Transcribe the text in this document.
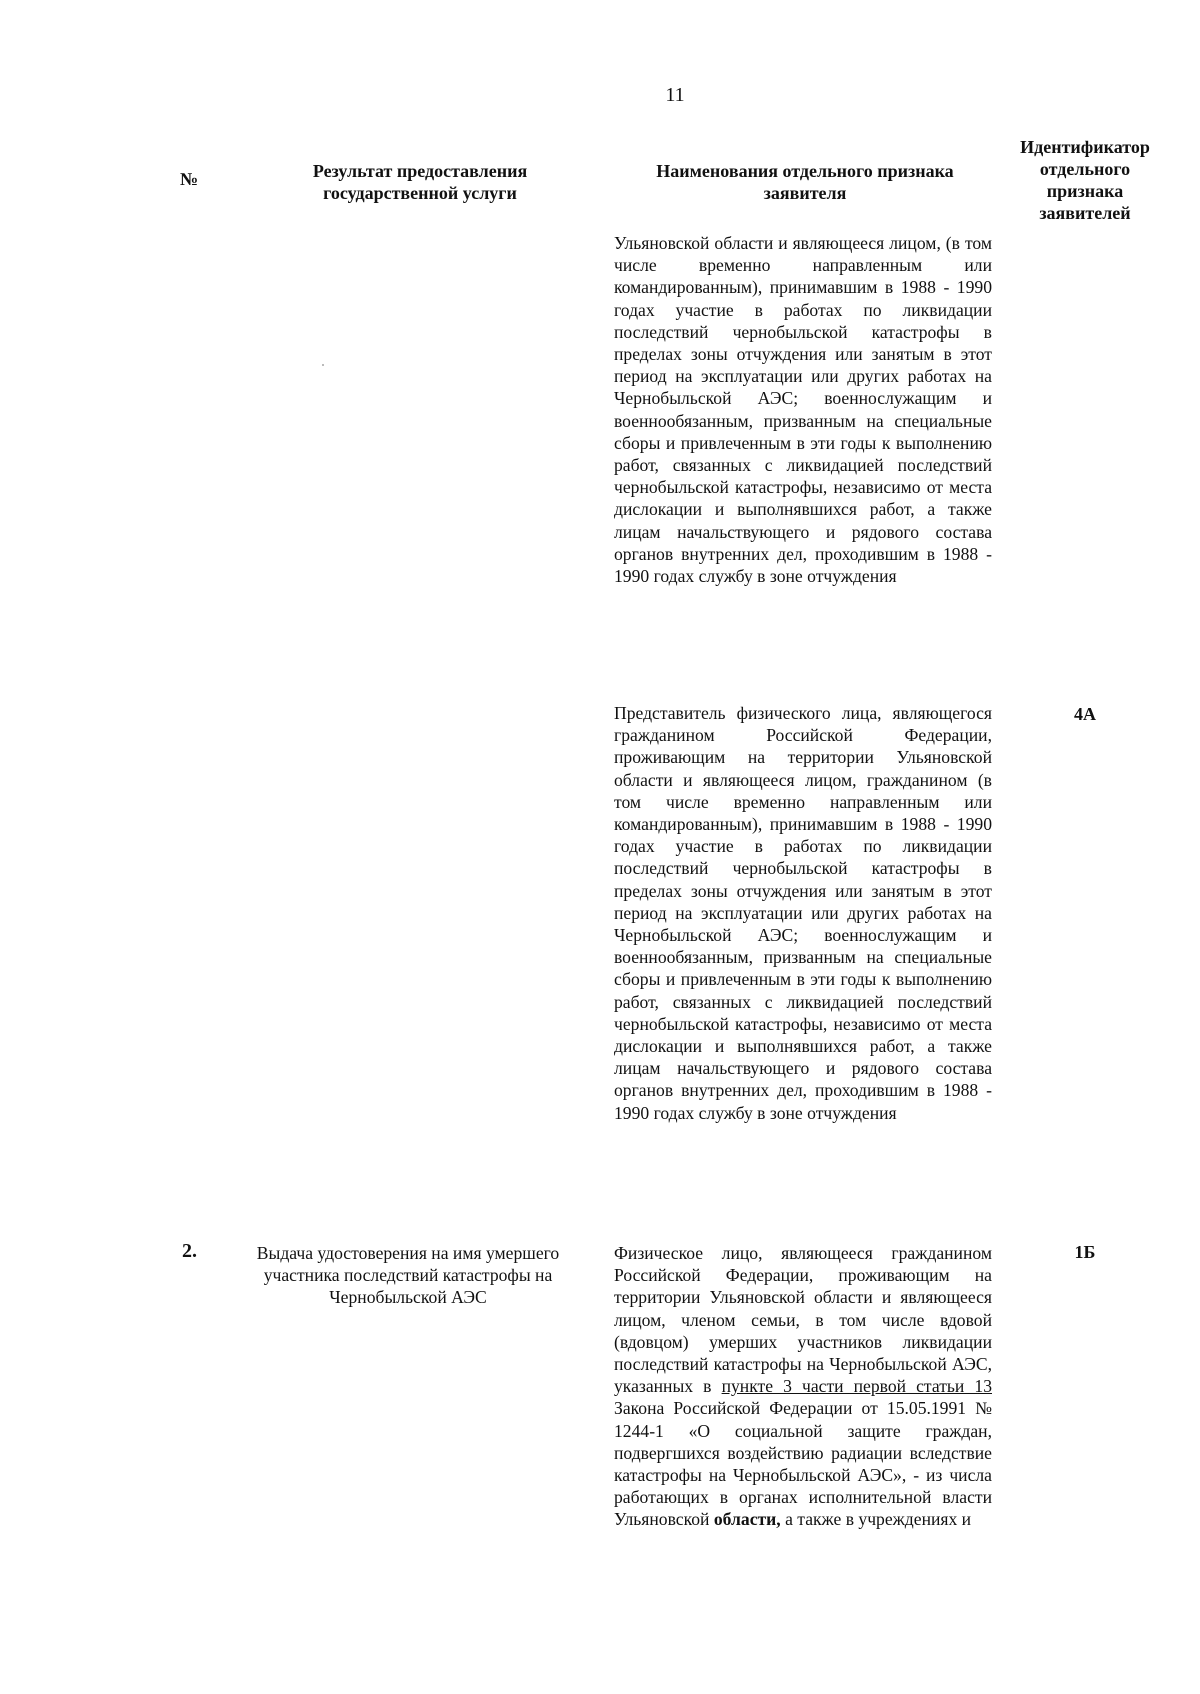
11
№	Результат предоставления государственной услуги
Наименования отдельного признака заявителя
Идентификатор отдельного признака заявителей
Ульяновской области и являющееся лицом, (в том числе временно направленным или командированным), принимавшим в 1988 - 1990 годах участие в работах по ликвидации последствий чернобыльской катастрофы в пределах зоны отчуждения или занятым в этот период на эксплуатации или других работах на Чернобыльской АЭС; военнослужащим и военнообязанным, призванным на специальные сборы и привлеченным в эти годы к выполнению работ, связанных с ликвидацией последствий чернобыльской катастрофы, независимо от места дислокации и выполнявшихся работ, а также лицам начальствующего и рядового состава органов внутренних дел, проходившим в 1988 - 1990 годах службу в зоне отчуждения
Представитель физического лица, являющегося гражданином Российской Федерации, проживающим на территории Ульяновской области и являющееся лицом, гражданином (в том числе временно направленным или командированным), принимавшим в 1988 - 1990 годах участие в работах по ликвидации последствий чернобыльской катастрофы в пределах зоны отчуждения или занятым в этот период на эксплуатации или других работах на Чернобыльской АЭС; военнослужащим и военнообязанным, призванным на специальные сборы и привлеченным в эти годы к выполнению работ, связанных с ликвидацией последствий чернобыльской катастрофы, независимо от места дислокации и выполнявшихся работ, а также лицам начальствующего и рядового состава органов внутренних дел, проходившим в 1988 - 1990 годах службу в зоне отчуждения
4А
2.	Выдача удостоверения на имя умершего участника последствий катастрофы на Чернобыльской АЭС
Физическое лицо, являющееся гражданином Российской Федерации, проживающим на территории Ульяновской области и являющееся лицом, членом семьи, в том числе вдовой (вдовцом) умерших участников ликвидации последствий катастрофы на Чернобыльской АЭС, указанных в пункте 3 части первой статьи 13 Закона Российской Федерации от 15.05.1991 № 1244-1 «О социальной защите граждан, подвергшихся воздействию радиации вследствие катастрофы на Чернобыльской АЭС», - из числа работающих в органах исполнительной власти Ульяновской области, а также в учреждениях и
1Б
